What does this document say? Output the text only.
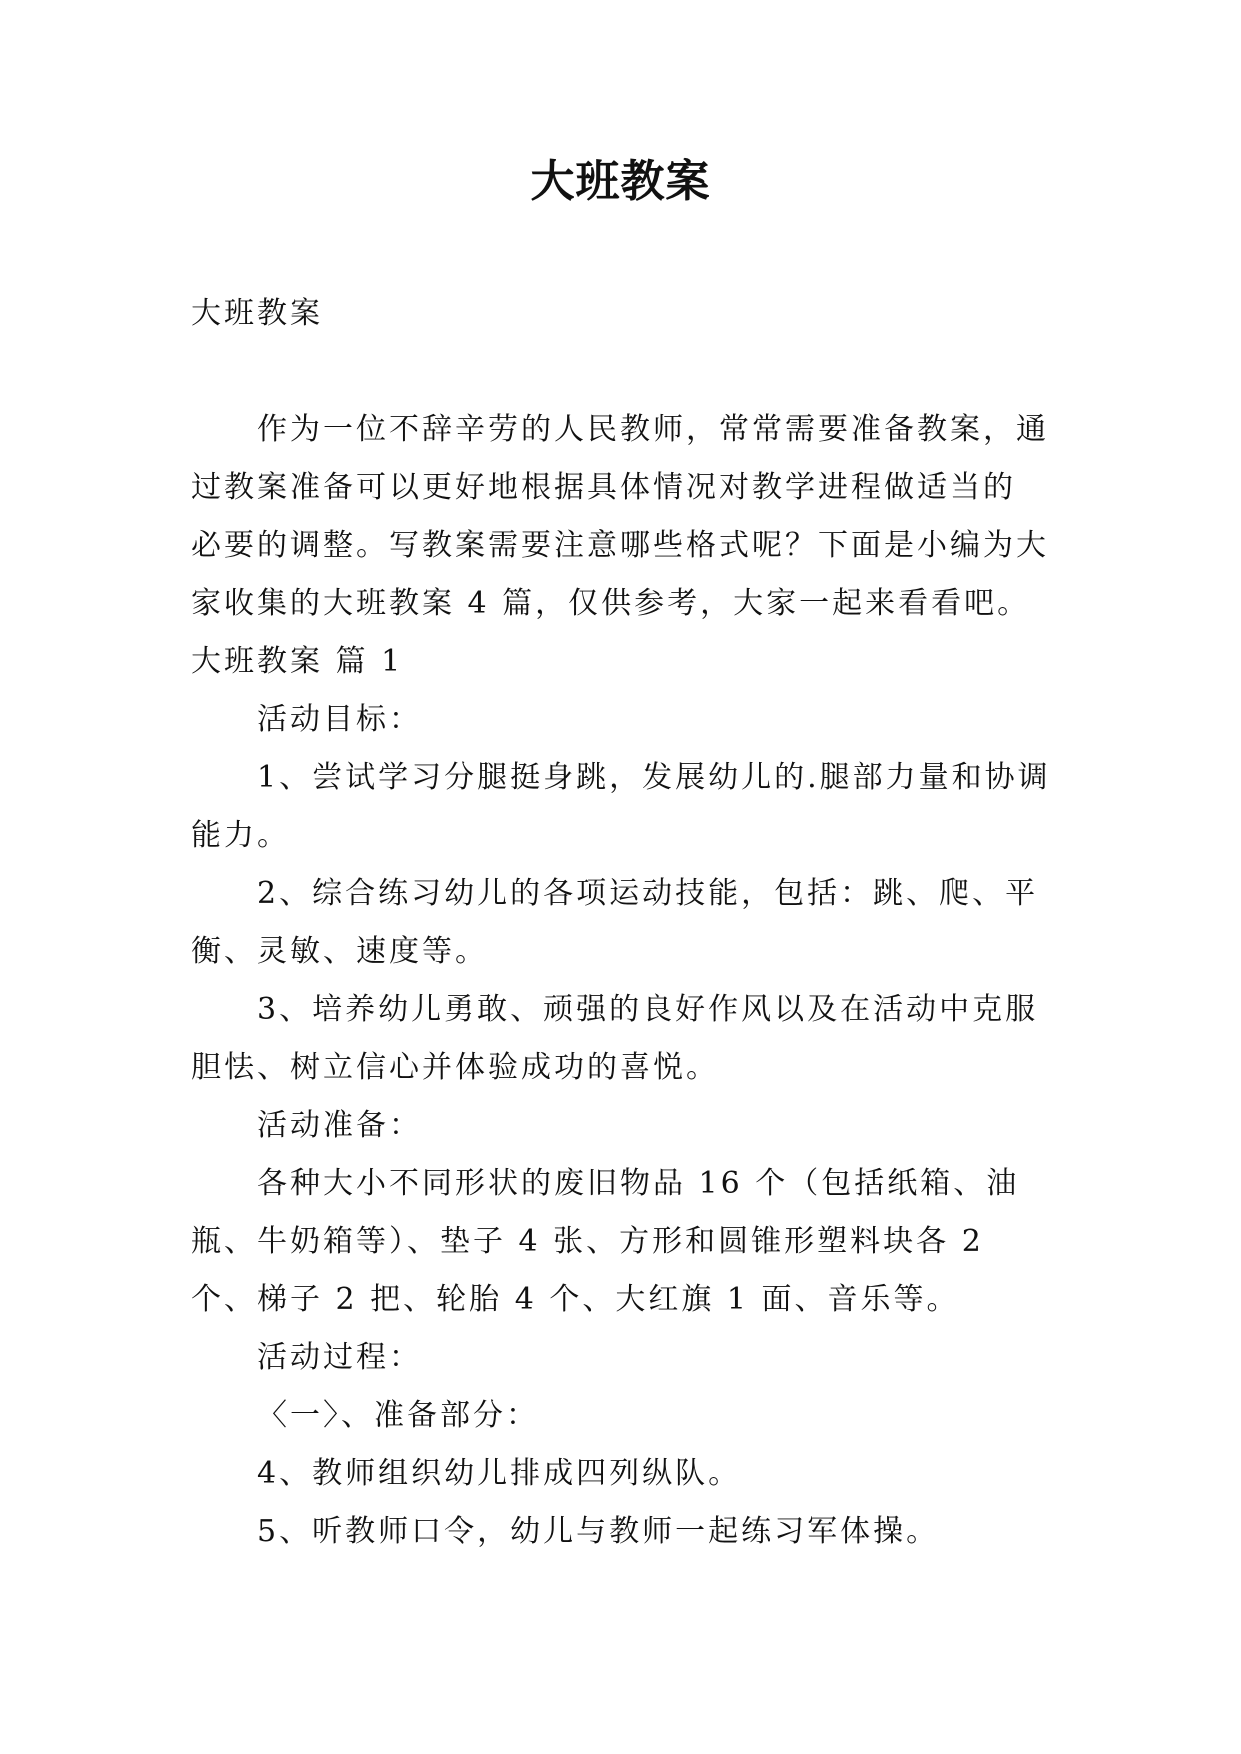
大班教案

大班教案

作为一位不辞辛劳的人民教师，常常需要准备教案，通
过教案准备可以更好地根据具体情况对教学进程做适当的
必要的调整。写教案需要注意哪些格式呢？下面是小编为大
家收集的大班教案 4 篇，仅供参考，大家一起来看看吧。

大班教案 篇 1

活动目标：

1、尝试学习分腿挺身跳，发展幼儿的.腿部力量和协调能力。

2、综合练习幼儿的各项运动技能，包括：跳、爬、平衡、灵敏、速度等。

3、培养幼儿勇敢、顽强的良好作风以及在活动中克服胆怯、树立信心并体验成功的喜悦。

活动准备：

各种大小不同形状的废旧物品 16 个（包括纸箱、油瓶、牛奶箱等）、垫子 4 张、方形和圆锥形塑料块各 2 个、梯子 2 把、轮胎 4 个、大红旗 1 面、音乐等。

活动过程：

〈一〉、准备部分：

4、教师组织幼儿排成四列纵队。

5、听教师口令，幼儿与教师一起练习军体操。
